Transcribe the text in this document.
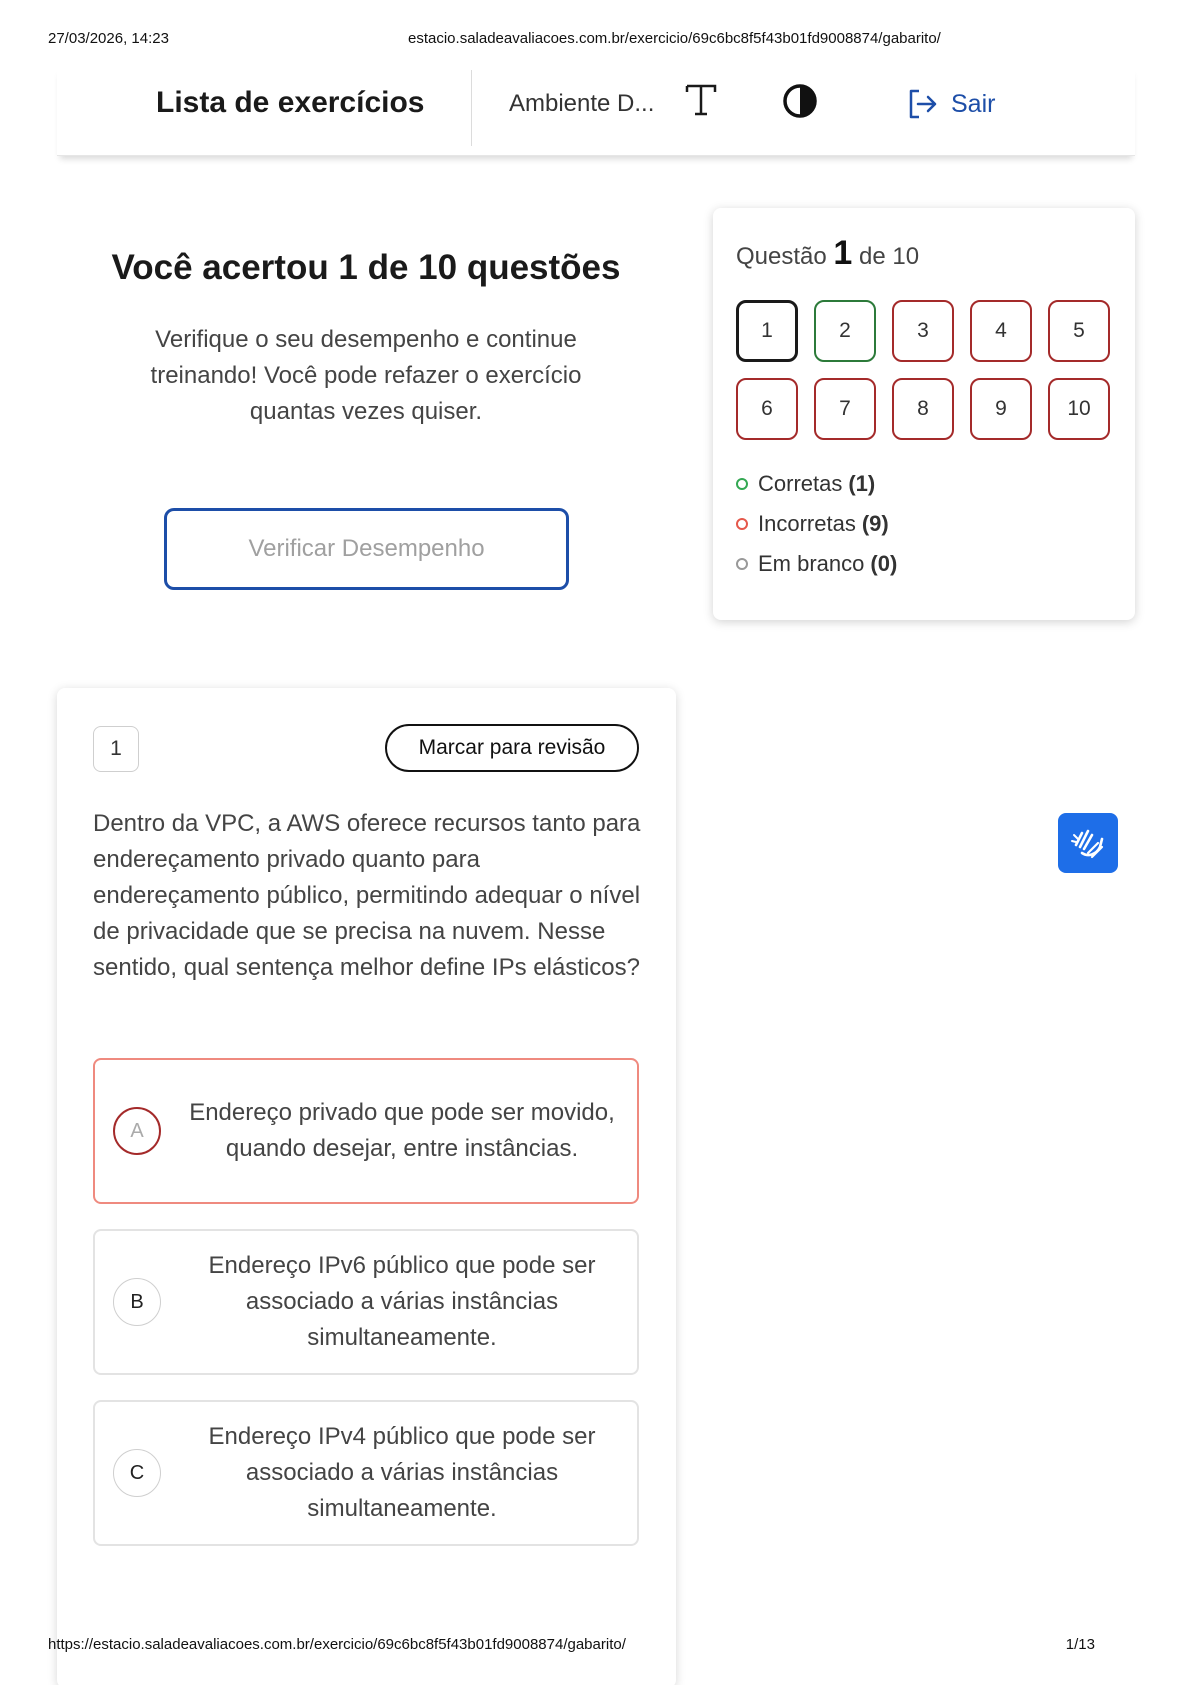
27/03/2026, 14:23	estacio.saladeavaliacoes.com.br/exercicio/69c6bc8f5f43b01fd9008874/gabarito/
Lista de exercícios	Ambiente D...	Sair
Você acertou 1 de 10 questões

Verifique o seu desempenho e continue treinando! Você pode refazer o exercício quantas vezes quiser.

Verificar Desempenho
Questão 1 de 10
1	2	3	4	5
6	7	8	9	10
Corretas (1)
Incorretas (9)
Em branco (0)
1	Marcar para revisão
Dentro da VPC, a AWS oferece recursos tanto para endereçamento privado quanto para endereçamento público, permitindo adequar o nível de privacidade que se precisa na nuvem. Nesse sentido, qual sentença melhor define IPs elásticos?
A
Endereço privado que pode ser movido, quando desejar, entre instâncias.
B
Endereço IPv6 público que pode ser associado a várias instâncias simultaneamente.
C
Endereço IPv4 público que pode ser associado a várias instâncias simultaneamente.
https://estacio.saladeavaliacoes.com.br/exercicio/69c6bc8f5f43b01fd9008874/gabarito/	1/13
